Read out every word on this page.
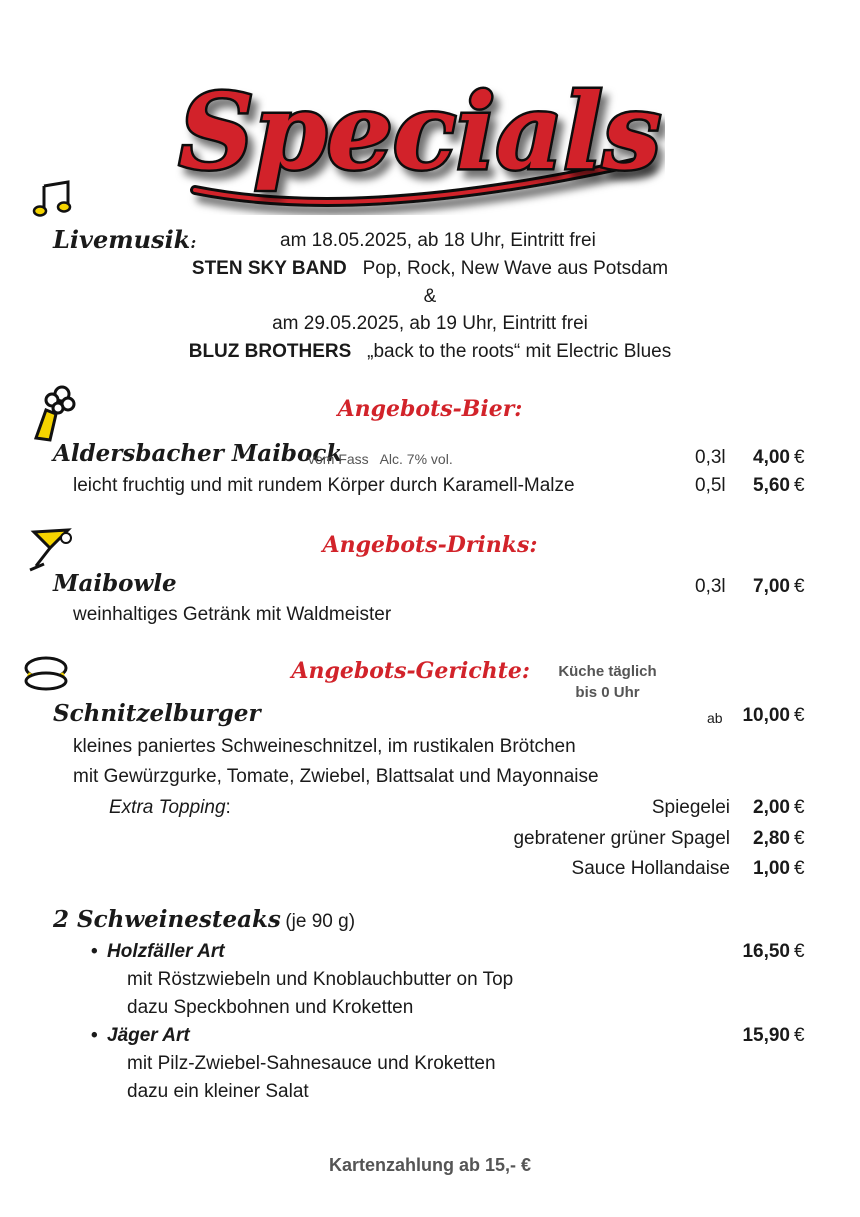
Specials
Livemusik:	am 18.05.2025, ab 18 Uhr, Eintritt frei
STEN SKY BAND Pop, Rock, New Wave aus Potsdam
&
am 29.05.2025, ab 19 Uhr, Eintritt frei
BLUZ BROTHERS „back to the roots“ mit Electric Blues
Angebots-Bier:
Aldersbacher Maibock
vom Fass   Alc. 7% vol.
leicht fruchtig und mit rundem Körper durch Karamell-Malze
0,3l	4,00 €
0,5l	5,60 €
Angebots-Drinks:
Maibowle
weinhaltiges Getränk mit Waldmeister
0,3l	7,00 €
Angebots-Gerichte:	Küche täglich
bis 0 Uhr
Schnitzelburger	ab	10,00 €
kleines paniertes Schweineschnitzel, im rustikalen Brötchen
mit Gewürzgurke, Tomate, Zwiebel, Blattsalat und Mayonnaise
Extra Topping:	Spiegelei	2,00 €
gebratener grüner Spagel	2,80 €
Sauce Hollandaise	1,00 €
2 Schweinesteaks (je 90 g)
• Holzfäller Art	16,50 €
mit Röstzwiebeln und Knoblauchbutter on Top
dazu Speckbohnen und Kroketten
• Jäger Art	15,90 €
mit Pilz-Zwiebel-Sahnesauce und Kroketten
dazu ein kleiner Salat
Kartenzahlung ab 15,- €
